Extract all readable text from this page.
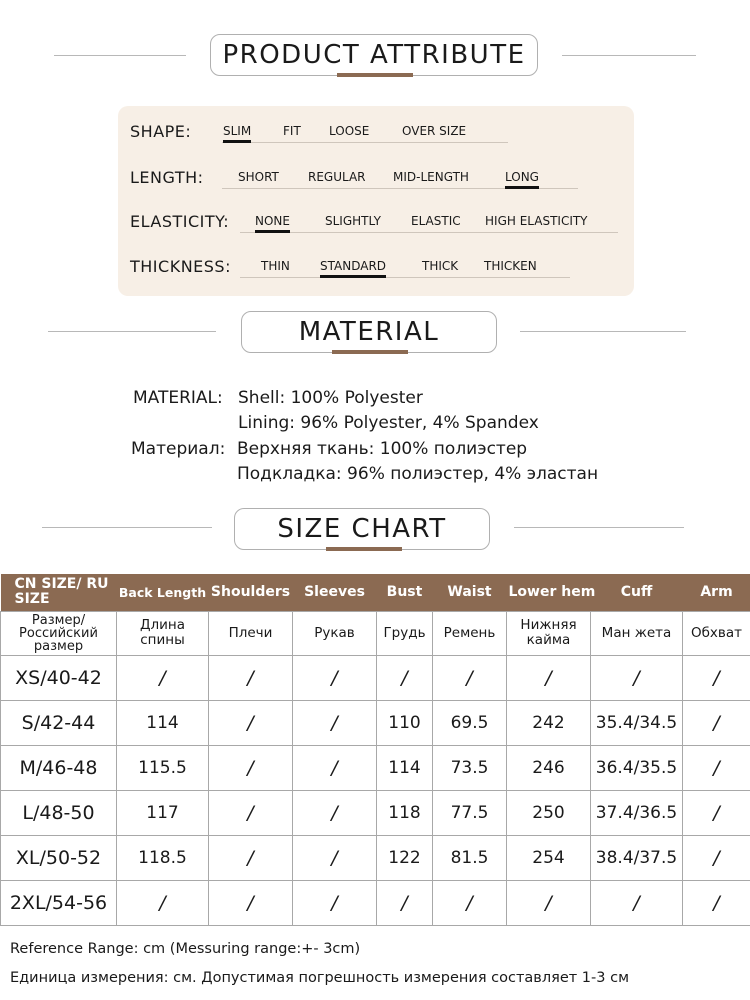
PRODUCT ATTRIBUTE
SHAPE:	SLIM	FIT LOOSE	OVER SIZE
LENGTH:	SHORT REGULAR MID-LENGTH	LONG
ELASTICITY: NONE	SLIGHTLY	ELASTIC HIGH ELASTICITY
THICKNESS:	THIN	STANDARD	THICK THICKEN
MATERIAL
MATERIAL: Shell: 100% Polyester
Lining: 96% Polyester, 4% Spandex
Материал: Верхняя ткань: 100% полиэстер
Подкладка: 96% полиэстер, 4% эластан
SIZE CHART
CN SIZE/ RU SIZE	Back Length	Shoulders	Sleeves	Bust	Waist	Lower hem	Cuff	Arm
Размер/ Российский размер	Длина спины	Плечи	Рукав	Грудь	Ремень	Нижняя кайма	Ман жета	Обхват
XS/40-42	/	/	/	/	/	/	/	/
S/42-44	114	/	/	110	69.5	242	35.4/34.5	/
M/46-48	115.5	/	/	114	73.5	246	36.4/35.5	/
L/48-50	117	/	/	118	77.5	250	37.4/36.5	/
XL/50-52	118.5	/	/	122	81.5	254	38.4/37.5	/
2XL/54-56	/	/	/	/	/	/	/	/
Reference Range: cm (Messuring range:+- 3cm)
Единица измерения: см. Допустимая погрешность измерения составляет 1-3 см
